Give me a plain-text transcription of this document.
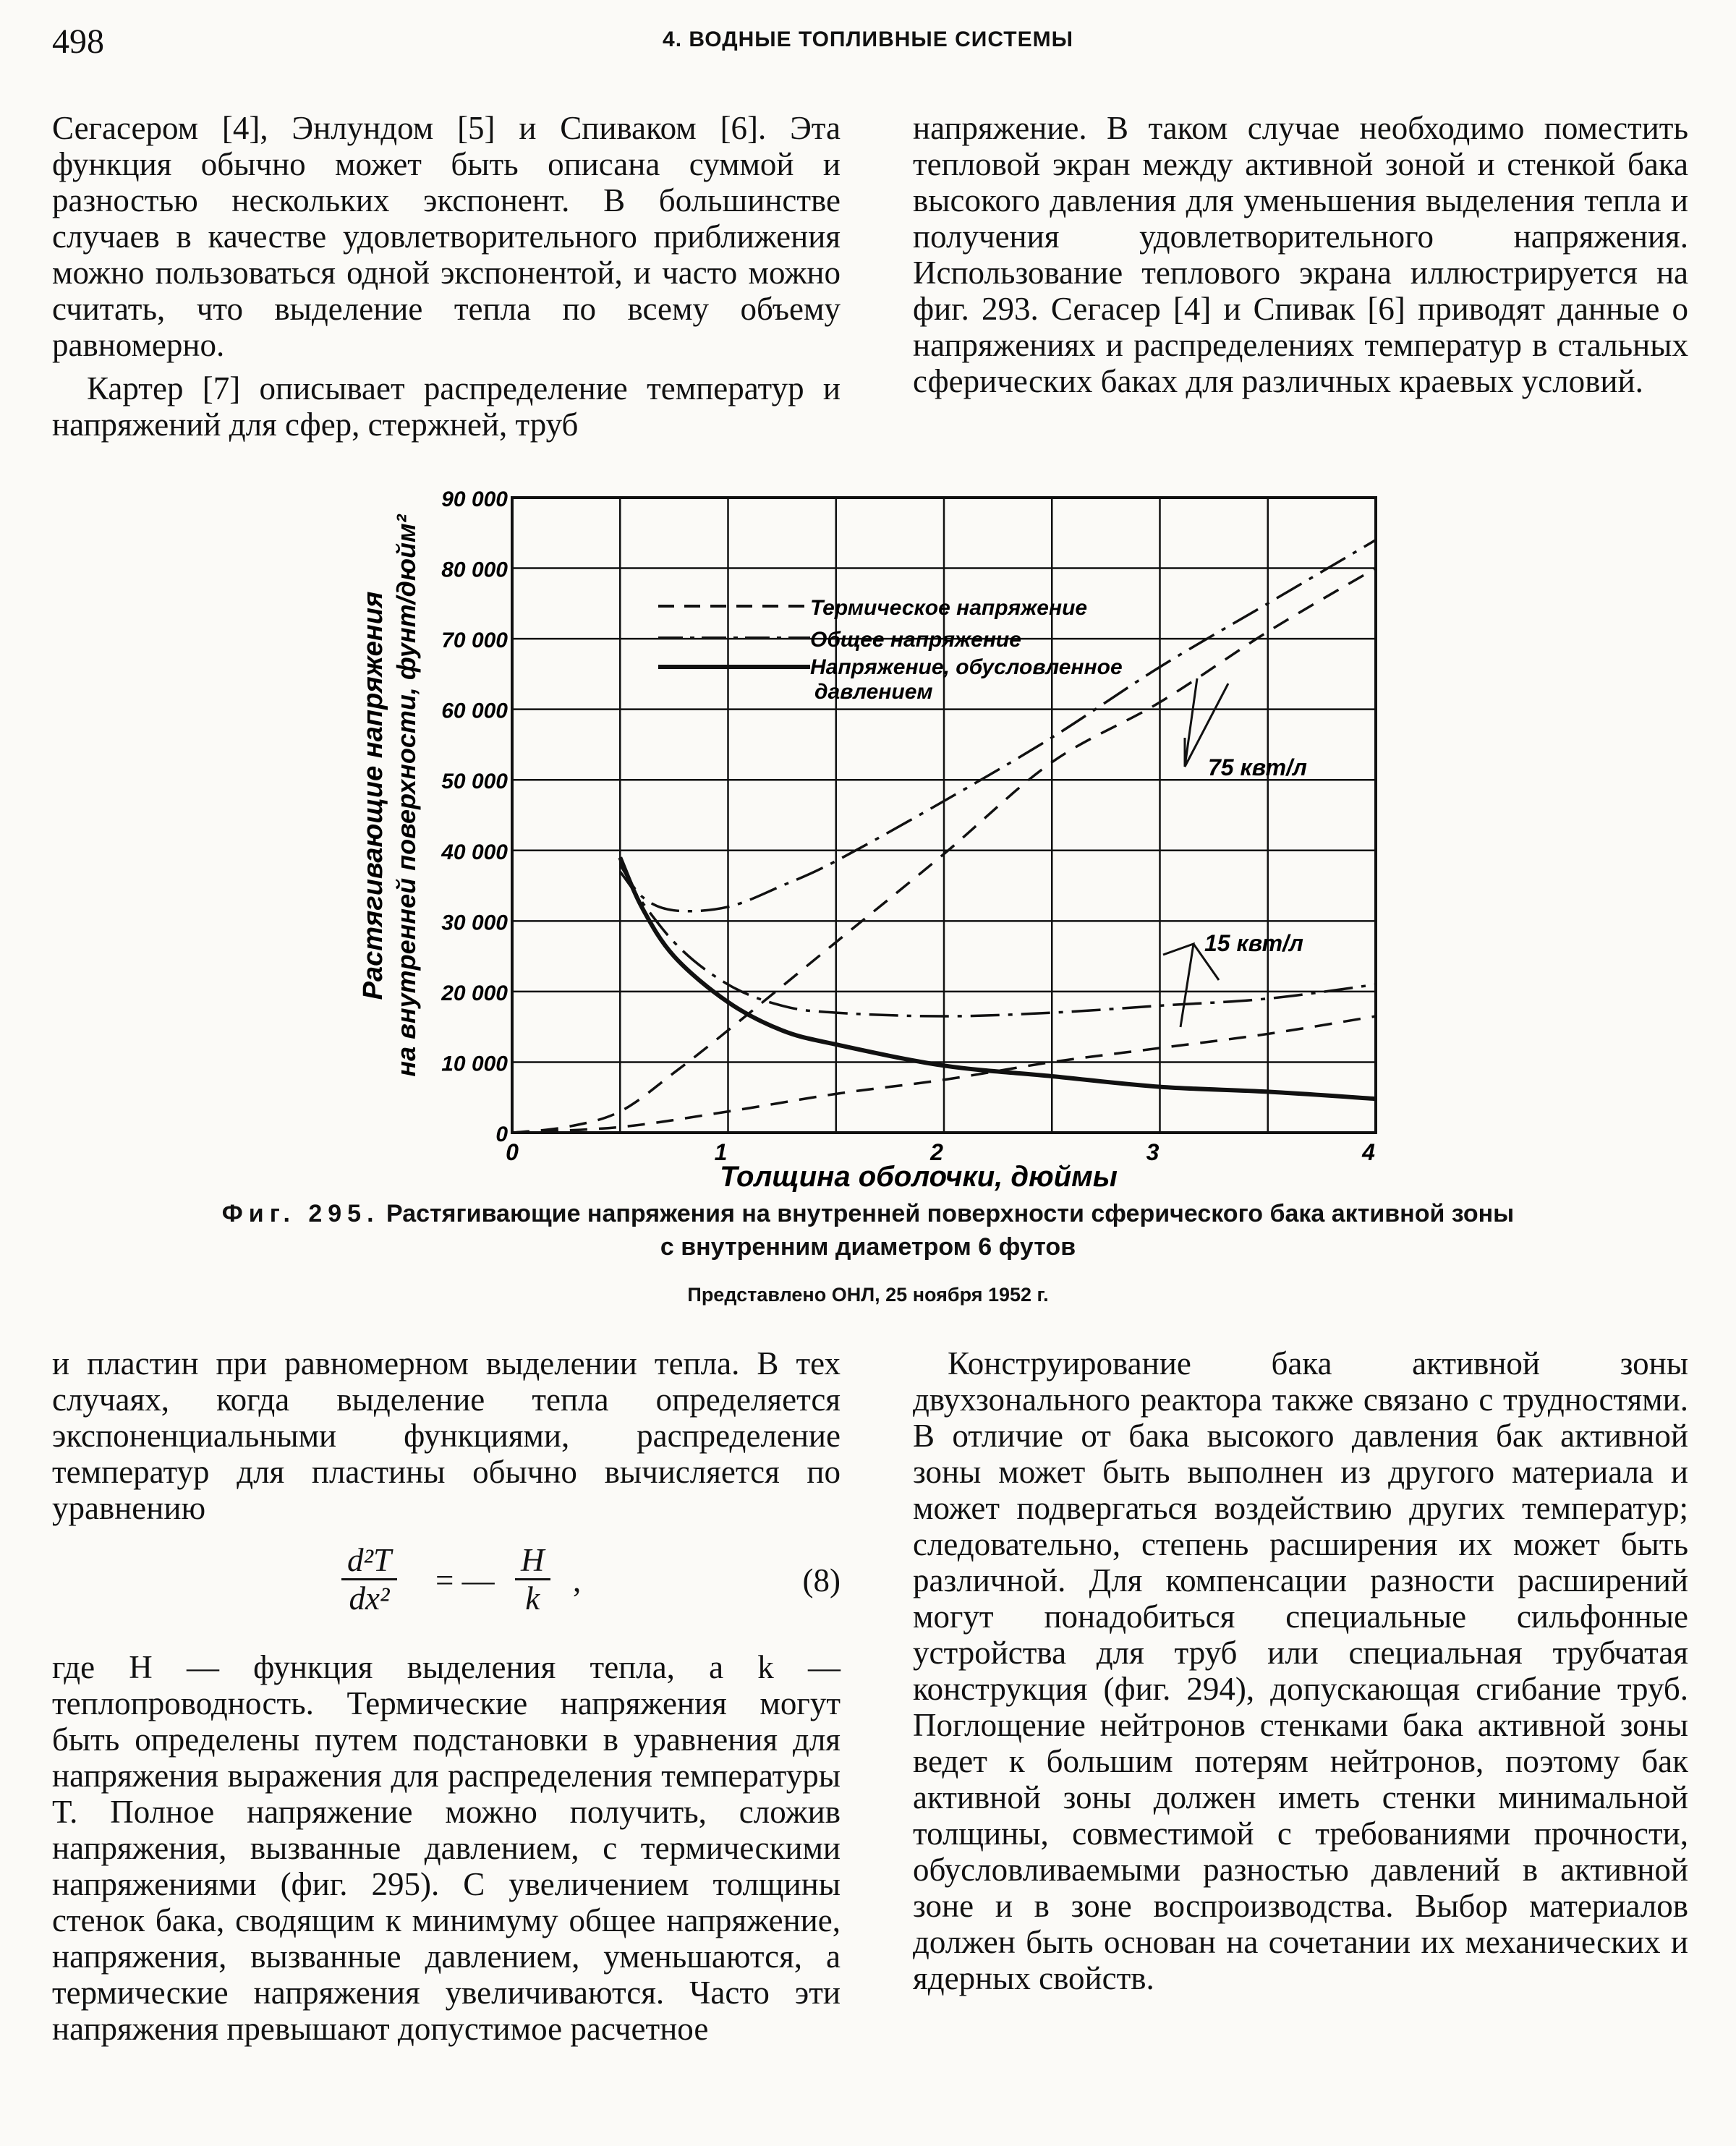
498	4. ВОДНЫЕ ТОПЛИВНЫЕ СИСТЕМЫ

Сегасером [4], Энлундом [5] и Спиваком [6]. Эта функция обычно может быть описана суммой и разностью нескольких экспонент. В большинстве случаев в качестве удовлетворительного приближения можно пользоваться одной экспонентой, и часто можно считать, что выделение тепла по всему объему равномерно.

Картер [7] описывает распределение температур и напряжений для сфер, стержней, труб

напряжение. В таком случае необходимо поместить тепловой экран между активной зоной и стенкой бака высокого давления для уменьшения выделения тепла и получения удовлетворительного напряжения. Использование теплового экрана иллюстрируется на фиг. 293. Сегасер [4] и Спивак [6] приводят данные о напряжениях и распределениях температур в стальных сферических баках для различных краевых условий.

0
10 000
20 000
30 000
40 000
50 000
60 000
70 000
80 000
90 000
0	1	2	3	4
Растягивающие напряжения на внутренней поверхности, фунт/дюйм²
Толщина оболочки, дюймы
Термическое напряжение
Общее напряжение
Напряжение, обусловленное
давлением
75 квт/л
15 квт/л
Фиг. 295. Растягивающие напряжения на внутренней поверхности сферического бака активной зоны с внутренним диаметром 6 футов
Представлено ОНЛ, 25 ноября 1952 г.

и пластин при равномерном выделении тепла. В тех случаях, когда выделение тепла определяется экспоненциальными функциями, распределение температур для пластины обычно вычисляется по уравнению

$\frac{\text{d²T}}{\text{dx²}}$ = — $\frac{H}{k}$ ,	(8)

где H — функция выделения тепла, а k — теплопроводность. Термические напряжения могут быть определены путем подстановки в уравнения для напряжения выражения для распределения температуры T. Полное напряжение можно получить, сложив напряжения, вызванные давлением, с термическими напряжениями (фиг. 295). С увеличением толщины стенок бака, сводящим к минимуму общее напряжение, напряжения, вызванные давлением, уменьшаются, а термические напряжения увеличиваются. Часто эти напряжения превышают допустимое расчетное

Конструирование бака активной зоны двухзонального реактора также связано с трудностями. В отличие от бака высокого давления бак активной зоны может быть выполнен из другого материала и может подвергаться воздействию других температур; следовательно, степень расширения их может быть различной. Для компенсации разности расширений могут понадобиться специальные сильфонные устройства для труб или специальная трубчатая конструкция (фиг. 294), допускающая сгибание труб. Поглощение нейтронов стенками бака активной зоны ведет к большим потерям нейтронов, поэтому бак активной зоны должен иметь стенки минимальной толщины, совместимой с требованиями прочности, обусловливаемыми разностью давлений в активной зоне и в зоне воспроизводства. Выбор материалов должен быть основан на сочетании их механических и ядерных свойств.
